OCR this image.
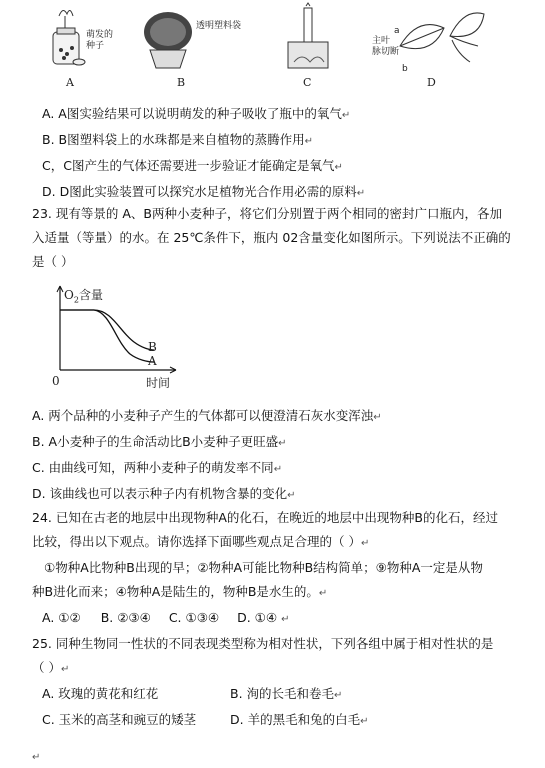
萌发的
种子
A
透明塑料袋
B	C
a
主叶
脉切断
b
D
A. A图实验结果可以说明萌发的种子吸收了瓶中的氧气↵
B. B图塑料袋上的水珠都是来自植物的蒸腾作用↵
C，C图产生的气体还需要进一步验证才能确定是氧气↵
D. D图此实验装置可以探究水足植物光合作用必需的原料↵
23. 现有等景的 A、B两种小麦种子，将它们分别置于两个相同的密封广口瓶内，各加
入适量（等量）的水。在 25℃条件下，瓶内 02含量变化如图所示。下列说法不正确的
是（ ）
$O_2$含量
B
A
0	时间
A. 两个品种的小麦种子产生的气体都可以便澄清石灰水变浑浊↵
B. A小麦种子的生命活动比B小麦种子更旺盛↵
C. 由曲线可知，两种小麦种子的萌发率不同↵
D. 该曲线也可以表示种子内有机物含暴的变化↵
24. 已知在古老的地层中出现物种A的化石，在晚近的地层中出现物种B的化石，经过
比较，得出以下观点。请你选择下面哪些观点足合理的（ ）↵
①物种A比物种B出现的早；②物种A可能比物种B结构简单；⑨物种A一定是从物
种B进化而来；④物种A是陆生的，物种B是水生的。↵
A. ①② B. ②③④ C. ①③④ D. ①④ ↵
25. 同种生物同一性状的不同表现类型称为相对性状，下列各组中属于相对性状的是
（ ）↵
A. 玫瑰的黄花和红花	B. 洵的长毛和卷毛↵
C. 玉米的高茎和豌豆的矮茎	D. 羊的黑毛和兔的白毛↵
↵
